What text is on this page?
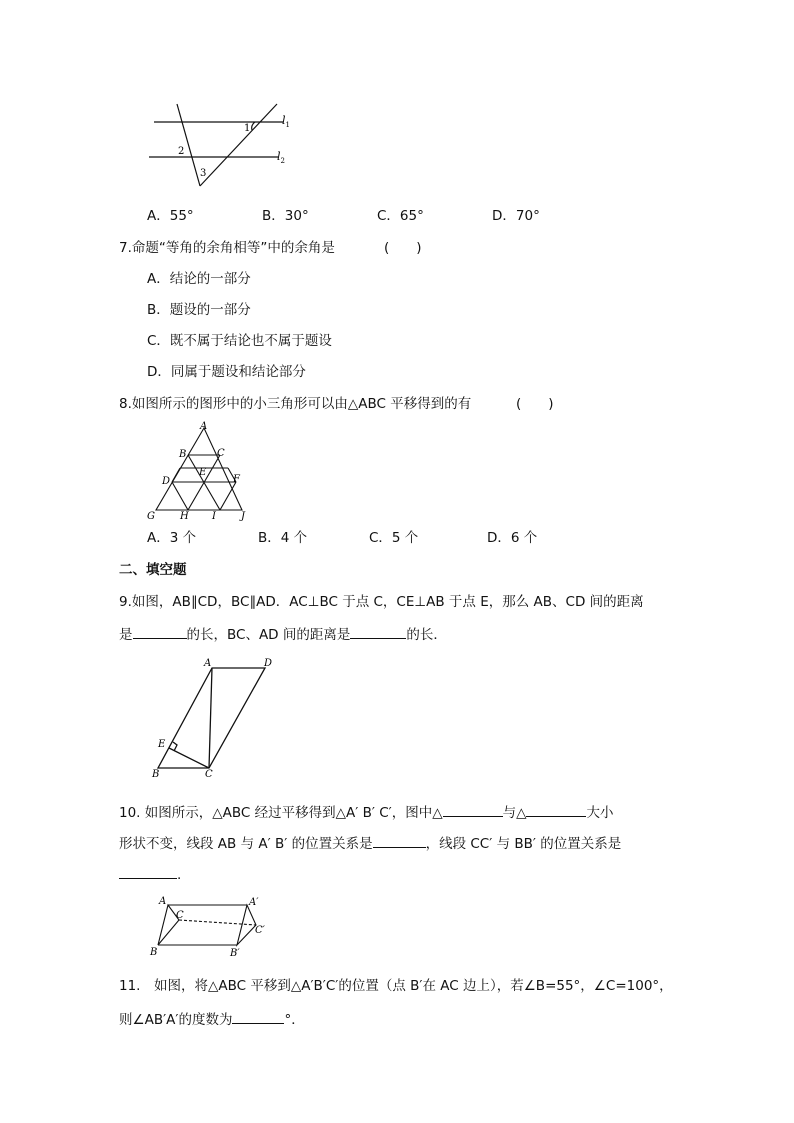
$l_1$
$l_2$
1
2
3
A．55°	B．30°	C．65°	D．70°
7.命题“等角的余角相等”中的余角是	(　　)
A．结论的一部分
B．题设的一部分
C．既不属于结论也不属于题设
D．同属于题设和结论部分
8.如图所示的图形中的小三角形可以由△ABC 平移得到的有	(　　)
A
B	C
E
D	F
G	H I	J
A．3 个	B．4 个	C．5 个	D．6 个
二、填空题
9.如图，AB∥CD，BC∥AD．AC⊥BC 于点 C，CE⊥AB 于点 E，那么 AB、CD 间的距离
是	的长，BC、AD 间的距离是	的长．
A	D
E
B	C
10. 如图所示，△ABC 经过平移得到△A′ B′ C′，图中△	与△	大小
形状不变，线段 AB 与 A′ B′ 的位置关系是	，线段 CC′ 与 BB′ 的位置关系是
.
A
C
B
A′
C′
B′
11.　如图，将△ABC 平移到△A′B′C′的位置（点 B′在 AC 边上），若∠B=55°，∠C=100°，
则∠AB′A′的度数为	°．
